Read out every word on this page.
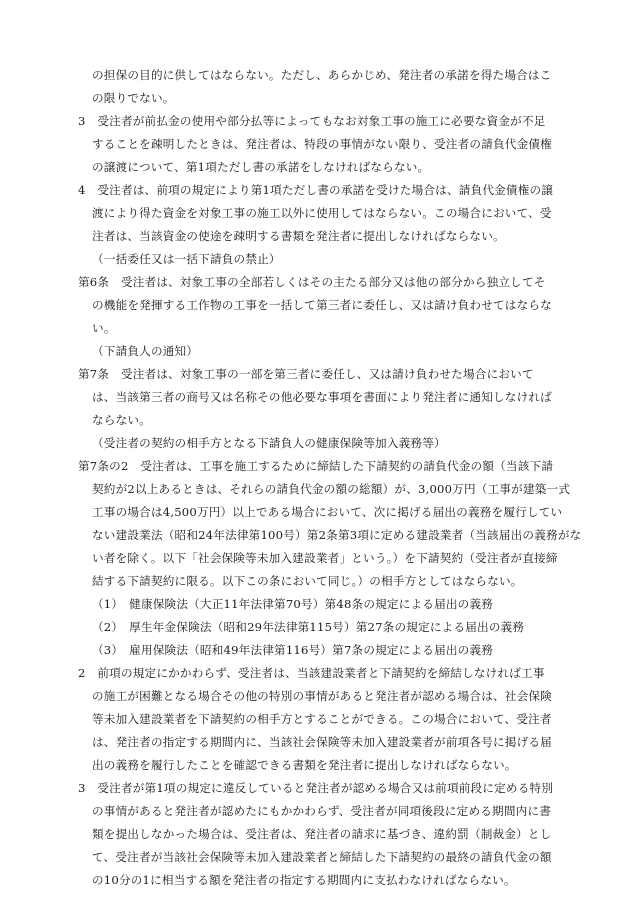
の担保の目的に供してはならない。ただし、あらかじめ、発注者の承諾を得た場合はこ
の限りでない。
3　受注者が前払金の使用や部分払等によってもなお対象工事の施工に必要な資金が不足
することを疎明したときは、発注者は、特段の事情がない限り、受注者の請負代金債権
の譲渡について、第1項ただし書の承諾をしなければならない。
4　受注者は、前項の規定により第1項ただし書の承諾を受けた場合は、請負代金債権の譲
渡により得た資金を対象工事の施工以外に使用してはならない。この場合において、受
注者は、当該資金の使途を疎明する書類を発注者に提出しなければならない。
（一括委任又は一括下請負の禁止）
第6条　受注者は、対象工事の全部若しくはその主たる部分又は他の部分から独立してそ
の機能を発揮する工作物の工事を一括して第三者に委任し、又は請け負わせてはならな
い。
（下請負人の通知）
第7条　受注者は、対象工事の一部を第三者に委任し、又は請け負わせた場合において
は、当該第三者の商号又は名称その他必要な事項を書面により発注者に通知しなければ
ならない。
（受注者の契約の相手方となる下請負人の健康保険等加入義務等）
第7条の2　受注者は、工事を施工するために締結した下請契約の請負代金の額（当該下請
契約が2以上あるときは、それらの請負代金の額の総額）が、3,000万円（工事が建築一式
工事の場合は4,500万円）以上である場合において、次に掲げる届出の義務を履行してい
ない建設業法（昭和24年法律第100号）第2条第3項に定める建設業者（当該届出の義務がな
い者を除く。以下「社会保険等未加入建設業者」という。）を下請契約（受注者が直接締
結する下請契約に限る。以下この条において同じ。）の相手方としてはならない。
（1）　健康保険法（大正11年法律第70号）第48条の規定による届出の義務
（2）　厚生年金保険法（昭和29年法律第115号）第27条の規定による届出の義務
（3）　雇用保険法（昭和49年法律第116号）第7条の規定による届出の義務
2　前項の規定にかかわらず、受注者は、当該建設業者と下請契約を締結しなければ工事
の施工が困難となる場合その他の特別の事情があると発注者が認める場合は、社会保険
等未加入建設業者を下請契約の相手方とすることができる。この場合において、受注者
は、発注者の指定する期間内に、当該社会保険等未加入建設業者が前項各号に掲げる届
出の義務を履行したことを確認できる書類を発注者に提出しなければならない。
3　受注者が第1項の規定に違反していると発注者が認める場合又は前項前段に定める特別
の事情があると発注者が認めたにもかかわらず、受注者が同項後段に定める期間内に書
類を提出しなかった場合は、受注者は、発注者の請求に基づき、違約罰（制裁金）とし
て、受注者が当該社会保険等未加入建設業者と締結した下請契約の最終の請負代金の額
の10分の1に相当する額を発注者の指定する期間内に支払わなければならない。
